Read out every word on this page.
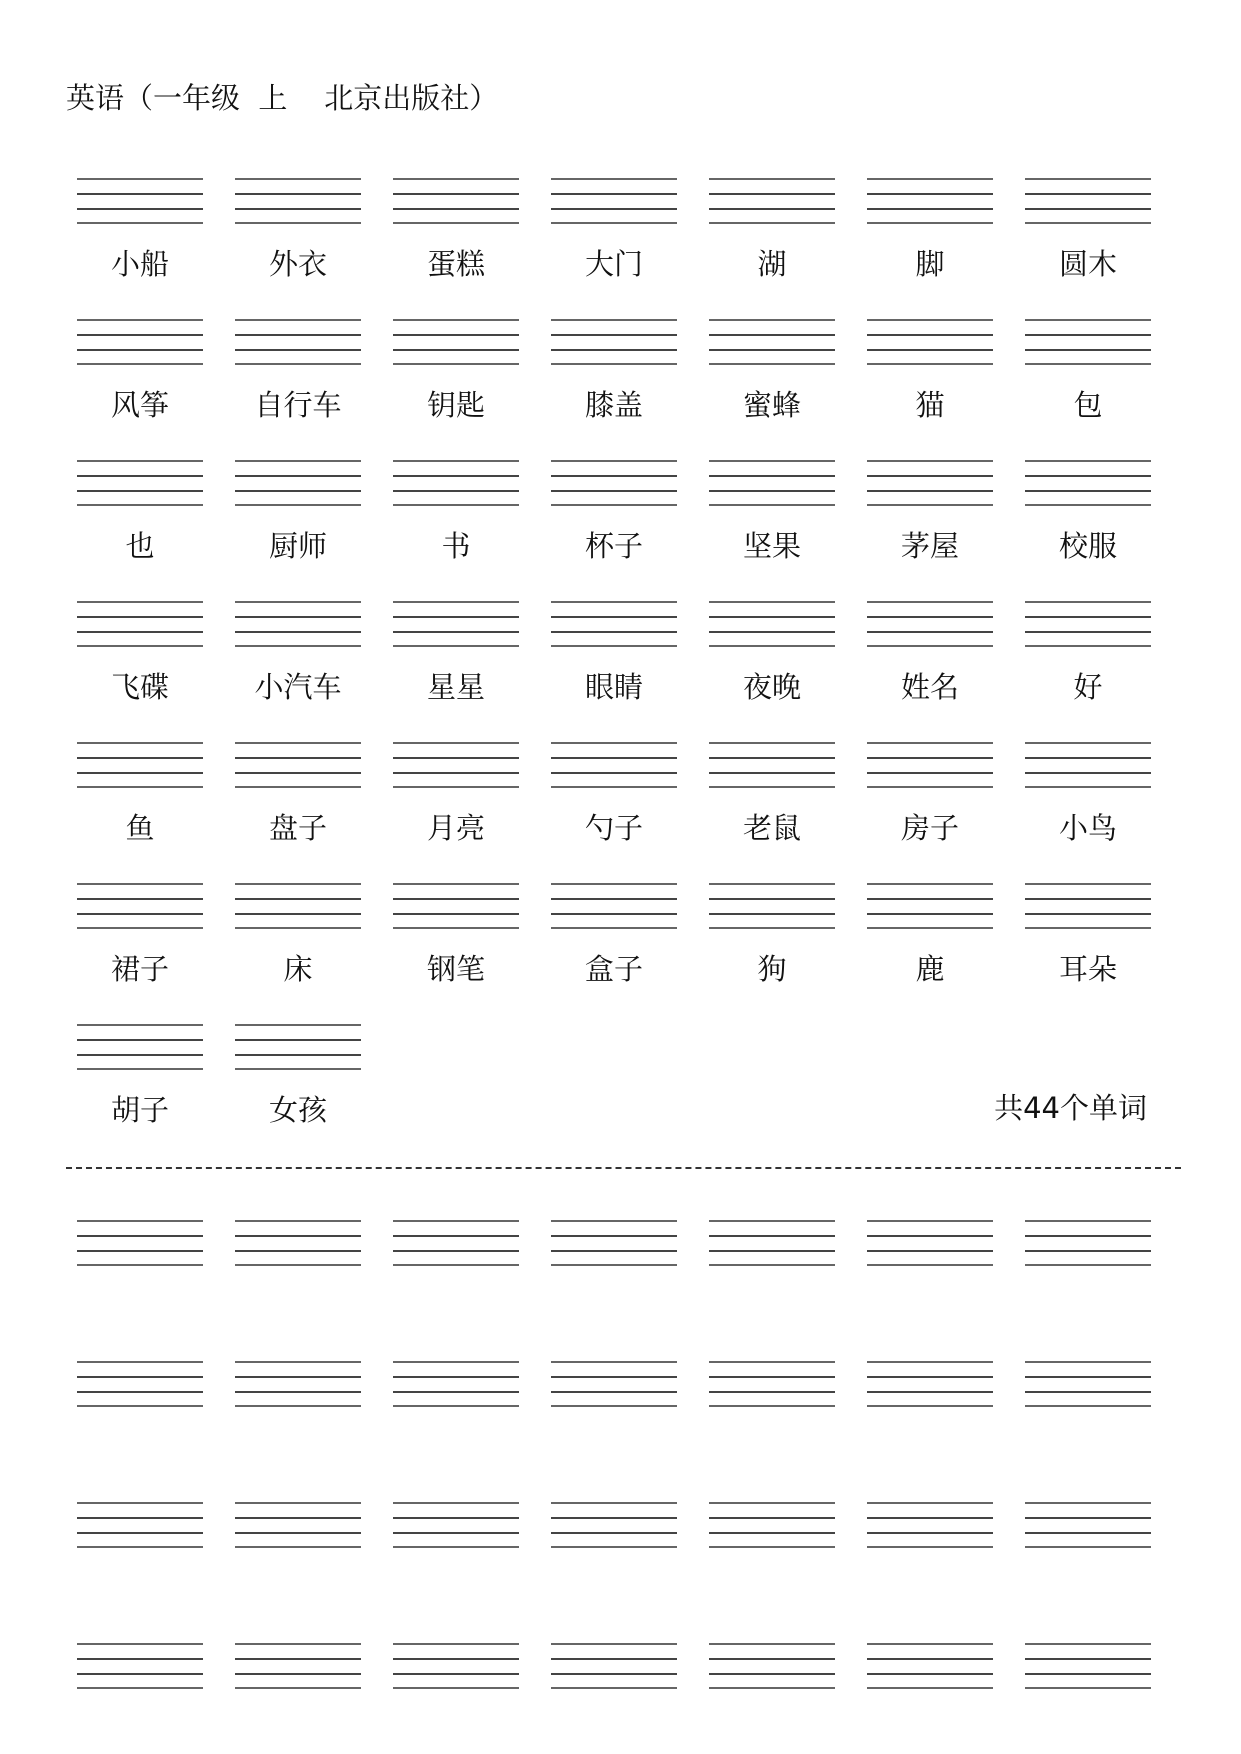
英语（一年级  上    北京出版社）
小船	外衣	蛋糕	大门	湖	脚	圆木
风筝	自行车	钥匙	膝盖	蜜蜂	猫	包
也	厨师	书	杯子	坚果	茅屋	校服
飞碟	小汽车	星星	眼睛	夜晚	姓名	好
鱼	盘子	月亮	勺子	老鼠	房子	小鸟
裙子	床	钢笔	盒子	狗	鹿	耳朵
胡子	女孩	共44个单词
